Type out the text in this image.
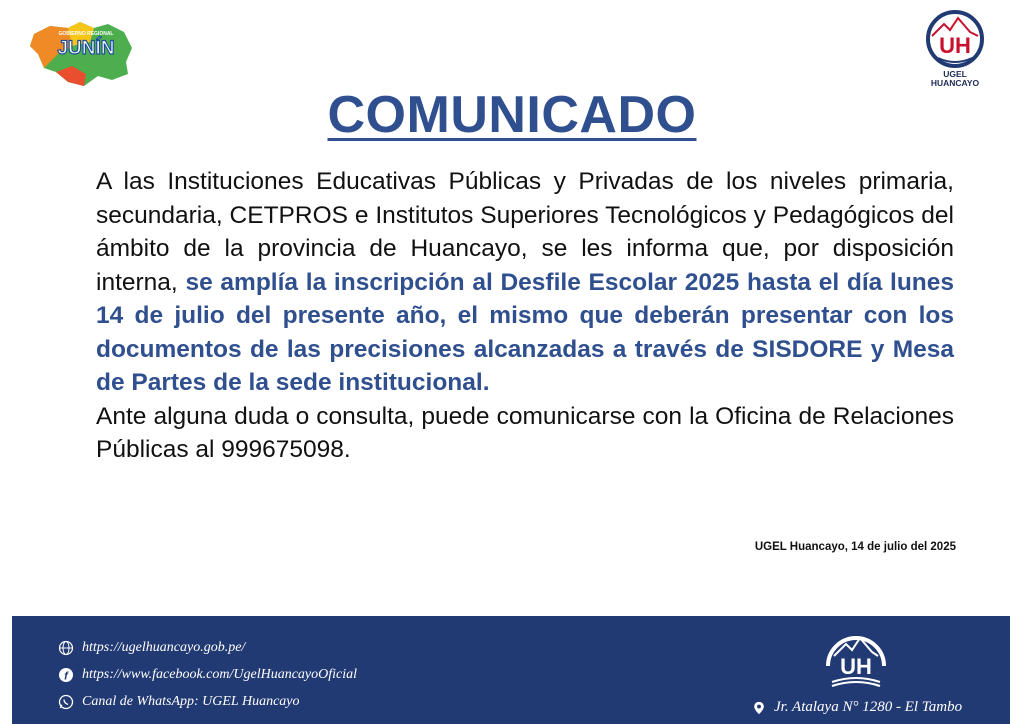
JUNÍN
GOBIERNO REGIONAL	UH
UGEL
HUANCAYO
COMUNICADO

A las Instituciones Educativas Públicas y Privadas de los niveles primaria, secundaria, CETPROS e Institutos Superiores Tecnológicos y Pedagógicos del ámbito de la provincia de Huancayo, se les informa que, por disposición interna, se amplía la inscripción al Desfile Escolar 2025 hasta el día lunes 14 de julio del presente año, el mismo que deberán presentar con los documentos de las precisiones alcanzadas a través de SISDORE y Mesa de Partes de la sede institucional.

Ante alguna duda o consulta, puede comunicarse con la Oficina de Relaciones Públicas al 999675098.

UGEL Huancayo, 14 de julio del 2025
https://ugelhuancayo.gob.pe/
f https://www.facebook.com/UgelHuancayoOficial
Canal de WhatsApp: UGEL Huancayo
UH
Jr. Atalaya N° 1280 - El Tambo
